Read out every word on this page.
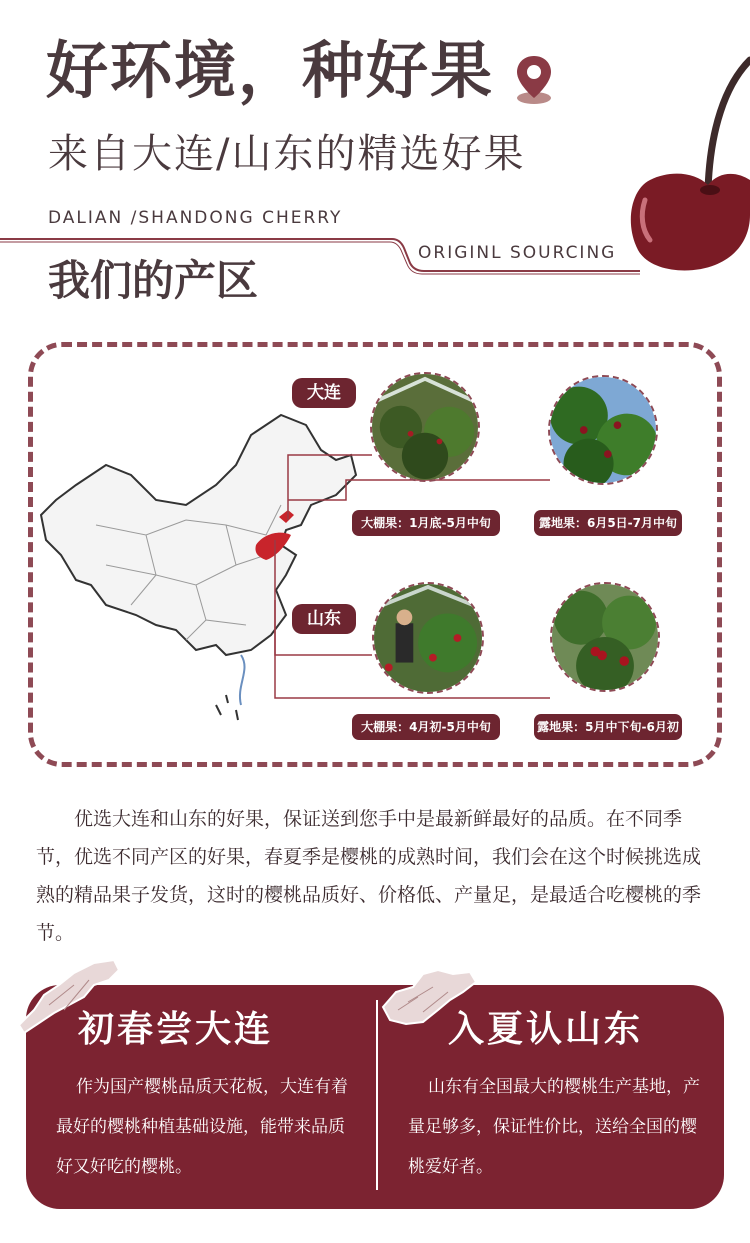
好环境，种好果
来自大连/山东的精选好果
DALIAN /SHANDONG CHERRY
ORIGINL SOURCING
我们的产区
大连
山东
大棚果：1月底-5月中旬	露地果：6月5日-7月中旬
大棚果：4月初-5月中旬	露地果：5月中下旬-6月初
优选大连和山东的好果，保证送到您手中是最新鲜最好的品质。在不同季节，优选不同产区的好果，春夏季是樱桃的成熟时间，我们会在这个时候挑选成熟的精品果子发货，这时的樱桃品质好、价格低、产量足，是最适合吃樱桃的季节。
初春尝大连
作为国产樱桃品质天花板，大连有着最好的樱桃种植基础设施，能带来品质好又好吃的樱桃。
入夏认山东
山东有全国最大的樱桃生产基地，产量足够多，保证性价比，送给全国的樱桃爱好者。
